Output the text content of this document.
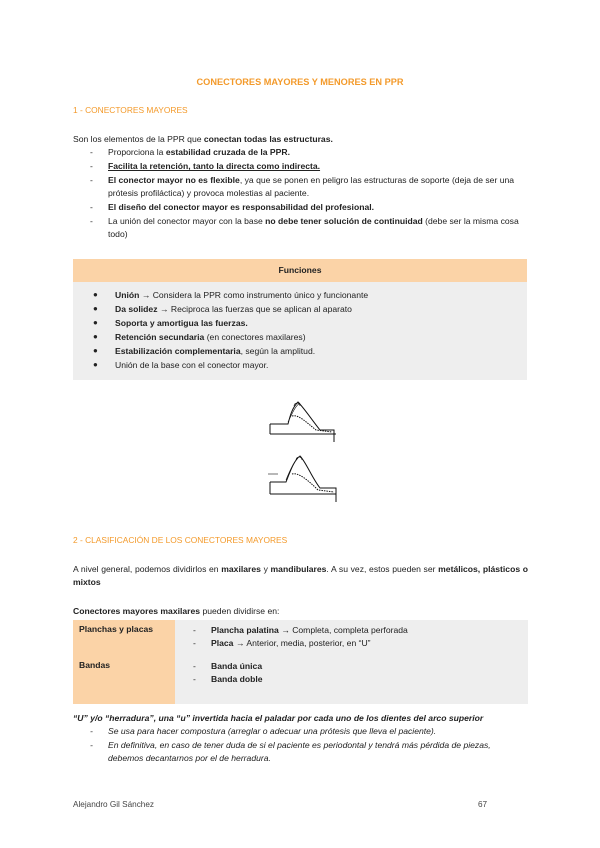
CONECTORES MAYORES Y MENORES EN PPR
1 - CONECTORES MAYORES
Son los elementos de la PPR que conectan todas las estructuras.
- Proporciona la estabilidad cruzada de la PPR.
- Facilita la retención, tanto la directa como indirecta.
- El conector mayor no es flexible, ya que se ponen en peligro las estructuras de soporte (deja de ser una prótesis profiláctica) y provoca molestias al paciente.
- El diseño del conector mayor es responsabilidad del profesional.
- La unión del conector mayor con la base no debe tener solución de continuidad (debe ser la misma cosa todo)
Funciones
● Unión → Considera la PPR como instrumento único y funcionante
● Da solidez → Reciproca las fuerzas que se aplican al aparato
● Soporta y amortigua las fuerzas.
● Retención secundaria (en conectores maxilares)
● Estabilización complementaria, según la amplitud.
● Unión de la base con el conector mayor.
2 - CLASIFICACIÓN DE LOS CONECTORES MAYORES
A nivel general, podemos dividirlos en maxilares y mandibulares. A su vez, estos pueden ser metálicos, plásticos o mixtos
Conectores mayores maxilares pueden dividirse en:
Planchas y placas	- Plancha palatina → Completa, completa perforada
- Placa → Anterior, media, posterior, en “U”

Bandas	- Banda única
- Banda doble
“U” y/o “herradura”, una “u” invertida hacia el paladar por cada uno de los dientes del arco superior
- Se usa para hacer compostura (arreglar o adecuar una prótesis que lleva el paciente).
- En definitiva, en caso de tener duda de si el paciente es periodontal y tendrá más pérdida de piezas, debemos decantarnos por el de herradura.
Alejandro Gil Sánchez	67
